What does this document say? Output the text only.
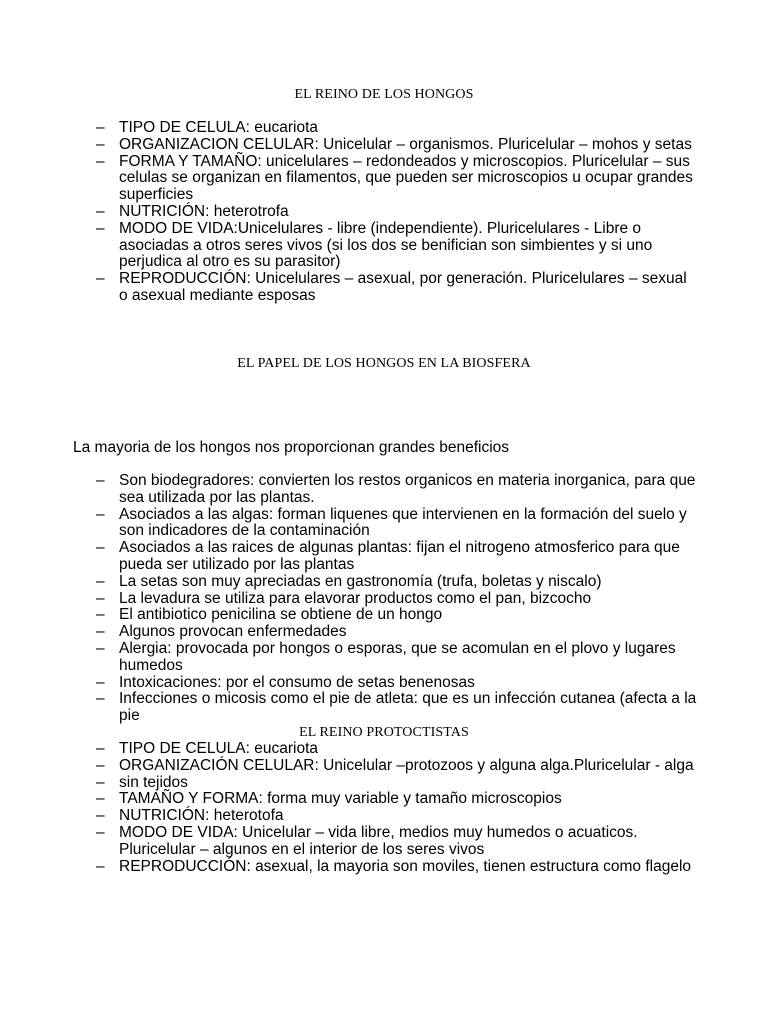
EL REINO DE LOS HONGOS
– TIPO DE CELULA: eucariota
– ORGANIZACION CELULAR: Unicelular – organismos. Pluricelular – mohos y setas
– FORMA Y TAMAÑO: unicelulares – redondeados y microscopios. Pluricelular – sus celulas se organizan en filamentos, que pueden ser microscopios u ocupar grandes superficies
– NUTRICIÓN: heterotrofa
– MODO DE VIDA:Unicelulares - libre (independiente). Pluricelulares - Libre o asociadas a otros seres vivos (si los dos se benifician son simbientes y si uno perjudica al otro es su parasitor)
– REPRODUCCIÓN: Unicelulares – asexual, por generación. Pluricelulares – sexual o asexual mediante esposas
EL PAPEL DE LOS HONGOS EN LA BIOSFERA
La mayoria de los hongos nos proporcionan grandes beneficios
– Son biodegradores: convierten los restos organicos en materia inorganica, para que sea utilizada por las plantas.
– Asociados a las algas: forman liquenes que intervienen en la formación del suelo y son indicadores de la contaminación
– Asociados a las raices de algunas plantas: fijan el nitrogeno atmosferico para que pueda ser utilizado por las plantas
– La setas son muy apreciadas en gastronomía (trufa, boletas y niscalo)
– La levadura se utiliza para elavorar productos como el pan, bizcocho
– El antibiotico penicilina se obtiene de un hongo
– Algunos provocan enfermedades
– Alergia: provocada por hongos o esporas, que se acomulan en el plovo y lugares humedos
– Intoxicaciones: por el consumo de setas benenosas
– Infecciones o micosis como el pie de atleta: que es un infección cutanea (afecta a la pie
EL REINO PROTOCTISTAS
– TIPO DE CELULA: eucariota
– ORGANIZACIÓN CELULAR: Unicelular –protozoos y alguna alga.Pluricelular - alga
– sin tejidos
– TAMAÑO Y FORMA: forma muy variable y tamaño microscopios
– NUTRICIÓN: heterotofa
– MODO DE VIDA: Unicelular – vida libre, medios muy humedos o acuaticos. Pluricelular – algunos en el interior de los seres vivos
– REPRODUCCIÓN: asexual, la mayoria son moviles, tienen estructura como flagelo
